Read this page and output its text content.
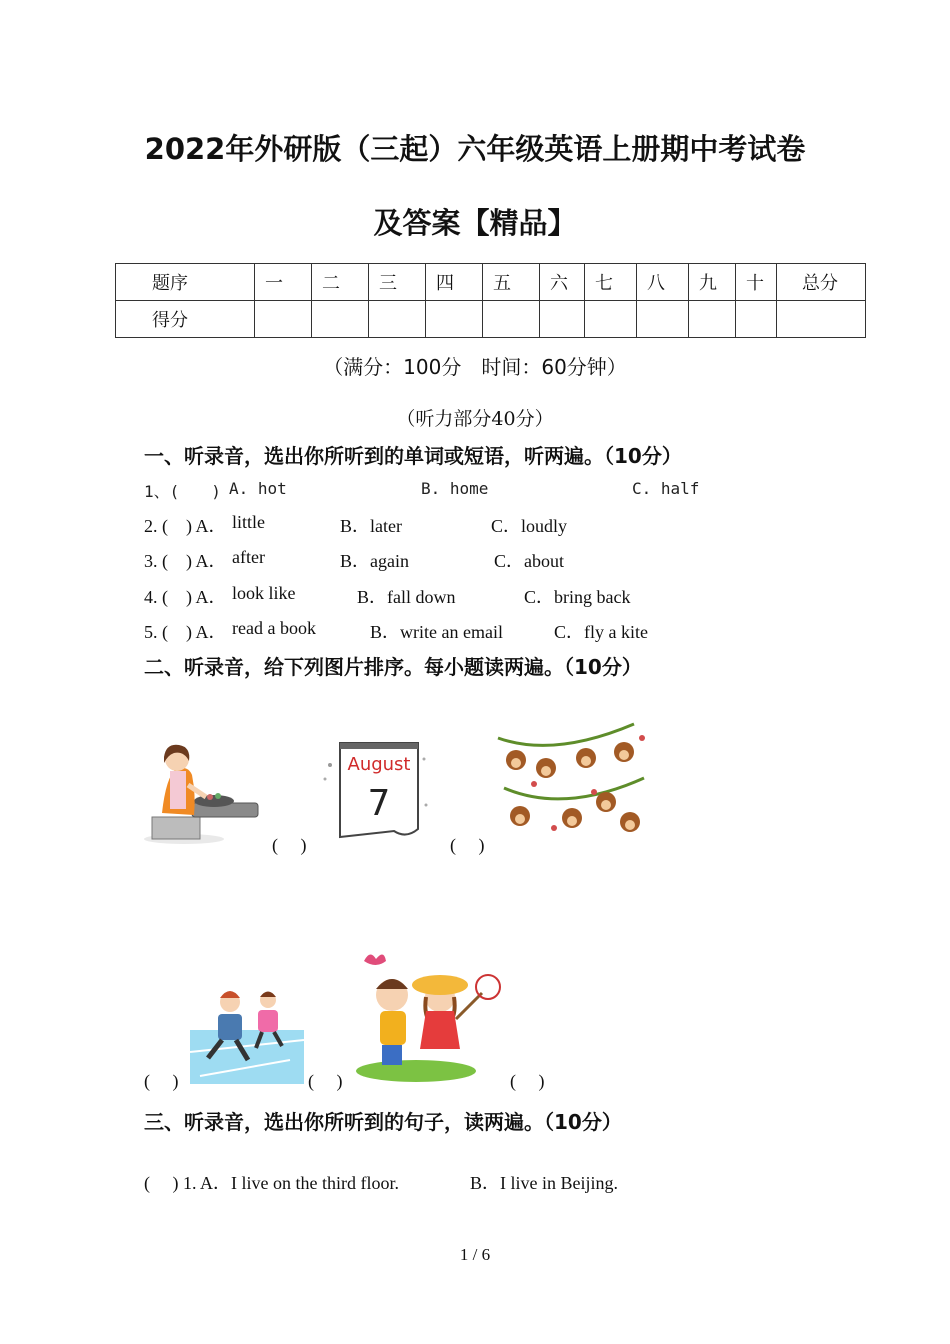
2022年外研版（三起）六年级英语上册期中考试卷
及答案【精品】
题序	一	二	三	四	五	六	七	八	九	十	总分
得分											
（满分：100分　时间：60分钟）
（听力部分40分）
一、听录音，选出你所听到的单词或短语，听两遍。（10分）
1、(　　) A. hot	B. home	C. half
2. (　) A． little	B．later	C．loudly
3. (　) A． after	B．again	C．about
4. (　) A． look like	B．fall down	C．bring back
5. (　) A． read a book	B．write an email	C．fly a kite
二、听录音，给下列图片排序。每小题读两遍。（10分）
(　 )
August
7
(　 )
(　 )	(　 )	(　 )
三、听录音，选出你所听到的句子，读两遍。（10分）
(　 ) 1. A．I live on the third floor.	B．I live in Beijing.
1 / 6
